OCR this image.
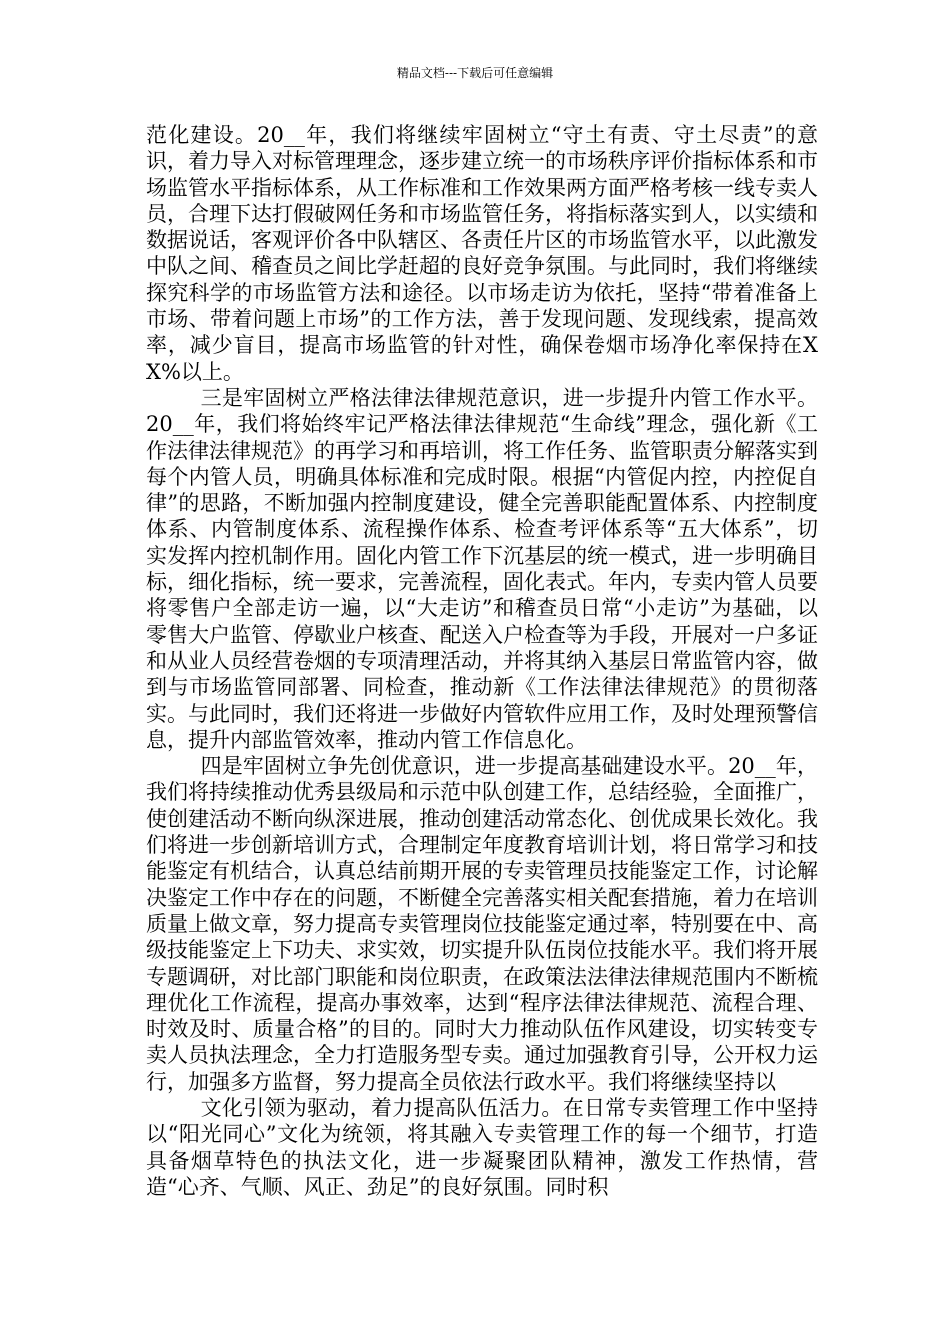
精品文档---下载后可任意编辑

范化建设。20__年，我们将继续牢固树立“守土有责、守土尽责”的意识，着力导入对标管理理念，逐步建立统一的市场秩序评价指标体系和市场监管水平指标体系，从工作标准和工作效果两方面严格考核一线专卖人员，合理下达打假破网任务和市场监管任务，将指标落实到人，以实绩和数据说话，客观评价各中队辖区、各责任片区的市场监管水平，以此激发中队之间、稽查员之间比学赶超的良好竞争氛围。与此同时，我们将继续探究科学的市场监管方法和途径。以市场走访为依托，坚持“带着准备上市场、带着问题上市场”的工作方法，善于发现问题、发现线索，提高效率，减少盲目，提高市场监管的针对性，确保卷烟市场净化率保持在XX%以上。

三是牢固树立严格法律法律规范意识，进一步提升内管工作水平。20__年，我们将始终牢记严格法律法律规范“生命线”理念，强化新《工作法律法律规范》的再学习和再培训，将工作任务、监管职责分解落实到每个内管人员，明确具体标准和完成时限。根据“内管促内控，内控促自律”的思路，不断加强内控制度建设，健全完善职能配置体系、内控制度体系、内管制度体系、流程操作体系、检查考评体系等“五大体系”，切实发挥内控机制作用。固化内管工作下沉基层的统一模式，进一步明确目标，细化指标，统一要求，完善流程，固化表式。年内，专卖内管人员要将零售户全部走访一遍，以“大走访”和稽查员日常“小走访”为基础，以零售大户监管、停歇业户核查、配送入户检查等为手段，开展对一户多证和从业人员经营卷烟的专项清理活动，并将其纳入基层日常监管内容，做到与市场监管同部署、同检查，推动新《工作法律法律规范》的贯彻落实。与此同时，我们还将进一步做好内管软件应用工作，及时处理预警信息，提升内部监管效率，推动内管工作信息化。

四是牢固树立争先创优意识，进一步提高基础建设水平。20__年，我们将持续推动优秀县级局和示范中队创建工作，总结经验，全面推广，使创建活动不断向纵深进展，推动创建活动常态化、创优成果长效化。我们将进一步创新培训方式，合理制定年度教育培训计划，将日常学习和技能鉴定有机结合，认真总结前期开展的专卖管理员技能鉴定工作，讨论解决鉴定工作中存在的问题，不断健全完善落实相关配套措施，着力在培训质量上做文章，努力提高专卖管理岗位技能鉴定通过率，特别要在中、高级技能鉴定上下功夫、求实效，切实提升队伍岗位技能水平。我们将开展专题调研，对比部门职能和岗位职责，在政策法法律法律规范围内不断梳理优化工作流程，提高办事效率，达到“程序法律法律规范、流程合理、时效及时、质量合格”的目的。同时大力推动队伍作风建设，切实转变专卖人员执法理念，全力打造服务型专卖。通过加强教育引导，公开权力运行，加强多方监督，努力提高全员依法行政水平。我们将继续坚持以

文化引领为驱动，着力提高队伍活力。在日常专卖管理工作中坚持以“阳光同心”文化为统领，将其融入专卖管理工作的每一个细节，打造具备烟草特色的执法文化，进一步凝聚团队精神，激发工作热情，营造“心齐、气顺、风正、劲足”的良好氛围。同时积
